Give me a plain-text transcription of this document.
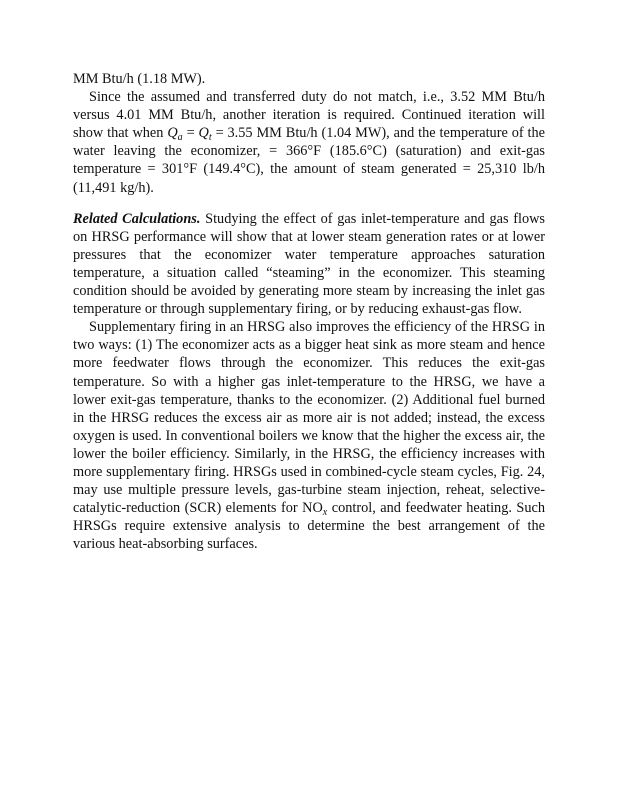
MM Btu/h (1.18 MW).

Since the assumed and transferred duty do not match, i.e., 3.52 MM Btu/h versus 4.01 MM Btu/h, another iteration is required. Continued iteration will show that when $Q_a = Q_t = 3.55$ MM Btu/h (1.04 MW), and the temperature of the water leaving the economizer, = 366°F (185.6°C) (saturation) and exit-gas temperature = 301°F (149.4°C), the amount of steam generated = 25,310 lb/h (11,491 kg/h).

Related Calculations. Studying the effect of gas inlet-temperature and gas flows on HRSG performance will show that at lower steam generation rates or at lower pressures that the economizer water temperature approaches saturation temperature, a situation called “steaming” in the economizer. This steaming condition should be avoided by generating more steam by increasing the inlet gas temperature or through supplementary firing, or by reducing exhaust-gas flow.

Supplementary firing in an HRSG also improves the efficiency of the HRSG in two ways: (1) The economizer acts as a bigger heat sink as more steam and hence more feedwater flows through the economizer. This reduces the exit-gas temperature. So with a higher gas inlet-temperature to the HRSG, we have a lower exit-gas temperature, thanks to the economizer. (2) Additional fuel burned in the HRSG reduces the excess air as more air is not added; instead, the excess oxygen is used. In conventional boilers we know that the higher the excess air, the lower the boiler efficiency. Similarly, in the HRSG, the efficiency increases with more supplementary firing. HRSGs used in combined-cycle steam cycles, Fig. 24, may use multiple pressure levels, gas-turbine steam injection, reheat, selective-catalytic-reduction (SCR) elements for $NO_x$ control, and feedwater heating. Such HRSGs require extensive analysis to determine the best arrangement of the various heat-absorbing surfaces.
